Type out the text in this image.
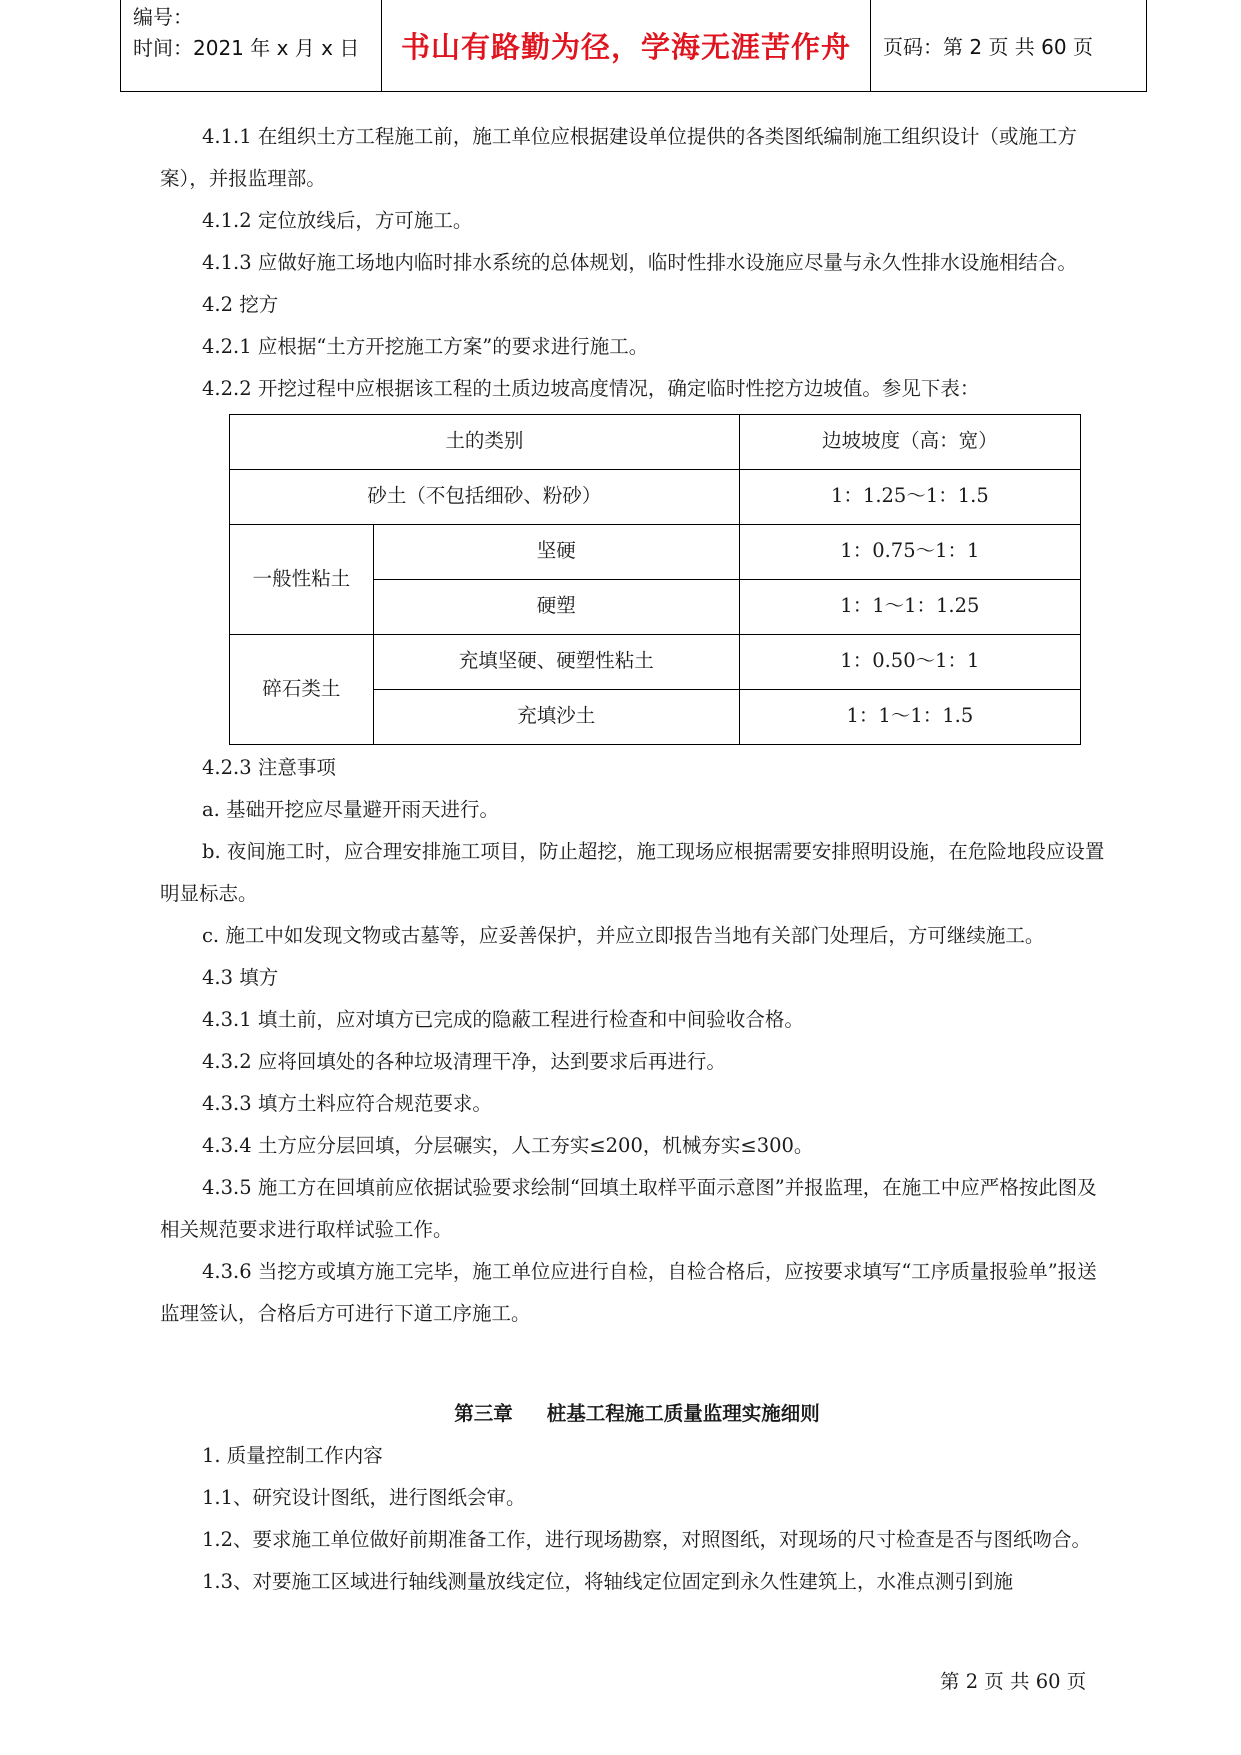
编号：
时间：2021 年 x 月 x 日	书山有路勤为径，学海无涯苦作舟	页码：第 2 页 共 60 页

4.1.1 在组织土方工程施工前，施工单位应根据建设单位提供的各类图纸编制施工组织设计（或施工方案），并报监理部。

4.1.2 定位放线后，方可施工。

4.1.3 应做好施工场地内临时排水系统的总体规划，临时性排水设施应尽量与永久性排水设施相结合。

4.2 挖方

4.2.1 应根据“土方开挖施工方案”的要求进行施工。

4.2.2 开挖过程中应根据该工程的土质边坡高度情况，确定临时性挖方边坡值。参见下表：

土的类别		边坡坡度（高：宽）
砂土（不包括细砂、粉砂）		1：1.25～1：1.5
一般性粘土	坚硬	1：0.75～1：1
	硬塑	1：1～1：1.25
碎石类土	充填坚硬、硬塑性粘土	1：0.50～1：1
	充填沙土	1：1～1：1.5

4.2.3 注意事项

a. 基础开挖应尽量避开雨天进行。

b. 夜间施工时，应合理安排施工项目，防止超挖，施工现场应根据需要安排照明设施，在危险地段应设置明显标志。

c. 施工中如发现文物或古墓等，应妥善保护，并应立即报告当地有关部门处理后，方可继续施工。

4.3 填方

4.3.1 填土前，应对填方已完成的隐蔽工程进行检查和中间验收合格。

4.3.2 应将回填处的各种垃圾清理干净，达到要求后再进行。

4.3.3 填方土料应符合规范要求。

4.3.4 土方应分层回填，分层碾实，人工夯实≤200，机械夯实≤300。

4.3.5 施工方在回填前应依据试验要求绘制“回填土取样平面示意图”并报监理，在施工中应严格按此图及相关规范要求进行取样试验工作。

4.3.6 当挖方或填方施工完毕，施工单位应进行自检，自检合格后，应按要求填写“工序质量报验单”报送监理签认，合格后方可进行下道工序施工。

第三章 桩基工程施工质量监理实施细则

1. 质量控制工作内容

1.1、研究设计图纸，进行图纸会审。

1.2、要求施工单位做好前期准备工作，进行现场勘察，对照图纸，对现场的尺寸检查是否与图纸吻合。

1.3、对要施工区域进行轴线测量放线定位，将轴线定位固定到永久性建筑上，水准点测引到施

第 2 页 共 60 页
